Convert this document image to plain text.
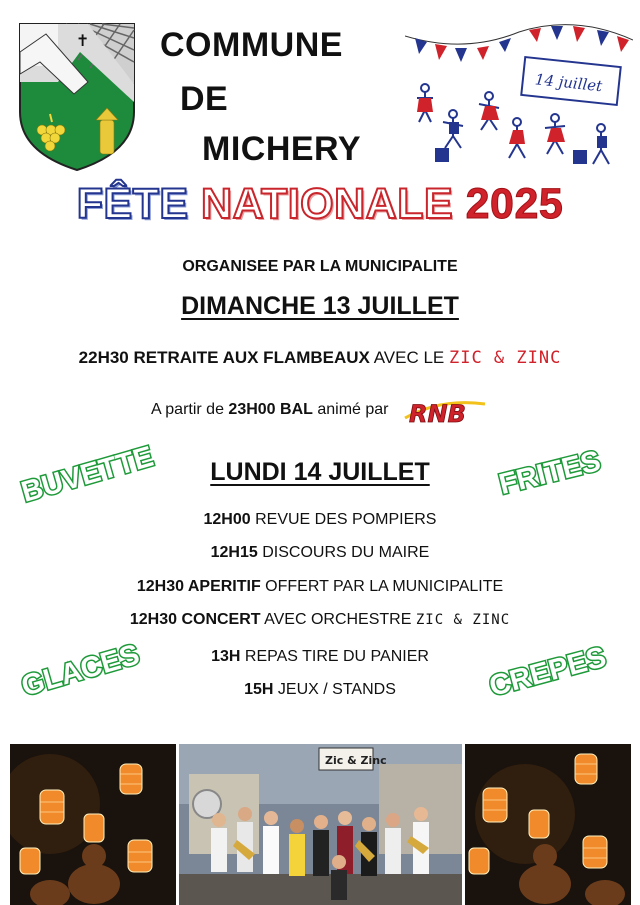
✝ COMMUNE
DE
MICHERY
14 juillet
FÊTE NATIONALE 2025
ORGANISEE PAR LA MUNICIPALITE
DIMANCHE 13 JUILLET
22H30 RETRAITE AUX FLAMBEAUX AVEC LE ZIC & ZINC
A partir de 23H00 BAL animé par RNB
LUNDI 14 JUILLET
12H00 REVUE DES POMPIERS
12H15 DISCOURS DU MAIRE
12H30 APERITIF OFFERT PAR LA MUNICIPALITE
12H30 CONCERT AVEC ORCHESTRE ZIC & ZINC
13H REPAS TIRE DU PANIER
15H JEUX / STANDS
BUVETTE	FRITES
GLACES	CREPES
Zic & Zinc
